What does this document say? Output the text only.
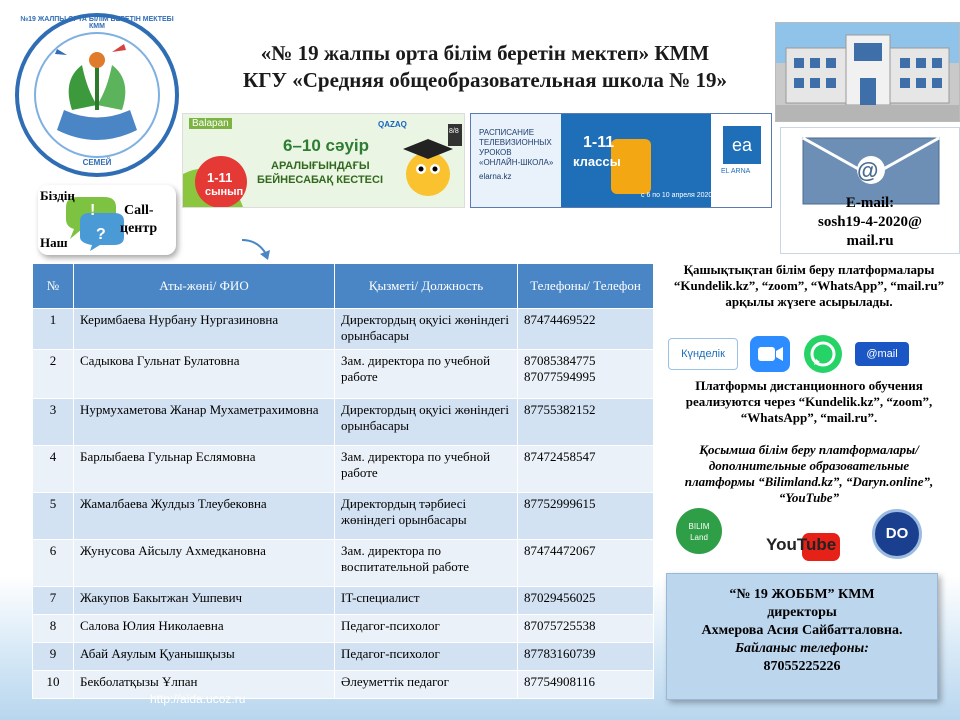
«№ 19 жалпы орта білім беретін мектеп» КММ
КГУ «Средняя общеобразовательная школа № 19»
№19 ЖАЛПЫ ОРТА БІЛІМ БЕРЕТІН МЕКТЕБІ КММ
СЕМЕЙ
Balapan	QAZAQ
8/8
6–10 сәуір
АРАЛЫҒЫНДАҒЫ
БЕЙНЕСАБАҚ КЕСТЕСІ
1-11
сынып
РАСПИСАНИЕ
ТЕЛЕВИЗИОННЫХ
УРОКОВ
«ОНЛАЙН-ШКОЛА»
elarna.kz
1-11
классы
ea
EL ARNA
с 6 по 10 апреля 2020 г.
@
E-mail:
sosh19-4-2020@
mail.ru
!
?
Біздің
Call-
центр
Наш
№	Аты-жөні/ ФИО	Қызметі/ Должность	Телефоны/ Телефон
1	Керимбаева Нурбану Нургазиновна	Директордың оқуісі жөніндегі орынбасары	87474469522
2	Садыкова Гульнат Булатовна	Зам. директора по учебной работе	87085384775 87077594995
3	Нурмухаметова Жанар Мухаметрахимовна	Директордың оқуісі жөніндегі орынбасары	87755382152
4	Барлыбаева Гульнар Еслямовна	Зам. директора по учебной работе	87472458547
5	Жамалбаева Жулдыз Тлеубековна	Директордың тәрбиесі жөніндегі орынбасары	87752999615
6	Жунусова Айсылу Ахмедкановна	Зам. директора по воспитательной работе	87474472067
7	Жакупов Бакытжан Ушпевич	IT-специалист	87029456025
8	Салова Юлия Николаевна	Педагог-психолог	87075725538
9	Абай Аяулым Қуанышқызы	Педагог-психолог	87783160739
10	Бекболатқызы Ұлпан	Әлеуметтік педагог	87754908116
Қашықтықтан білім беру платформалары “Kundelik.kz”, “zoom”, “WhatsApp”, “mail.ru” арқылы жүзеге асырылады.
Күнделік	@mail
Платформы дистанционного обучения реализуются через “Kundelik.kz”, “zoom”, “WhatsApp”, “mail.ru”.
Қосымша білім беру платформалары/дополнительные образовательные платформы “Bilimland.kz”, “Daryn.online”, “YouTube”
BILIM
Land	YouTube
DO
“№ 19 ЖОББМ” КММ
директоры
Ахмерова Асия Сайбатталовна.
Байланыс телефоны:
87055225226
http://aida.ucoz.ru
